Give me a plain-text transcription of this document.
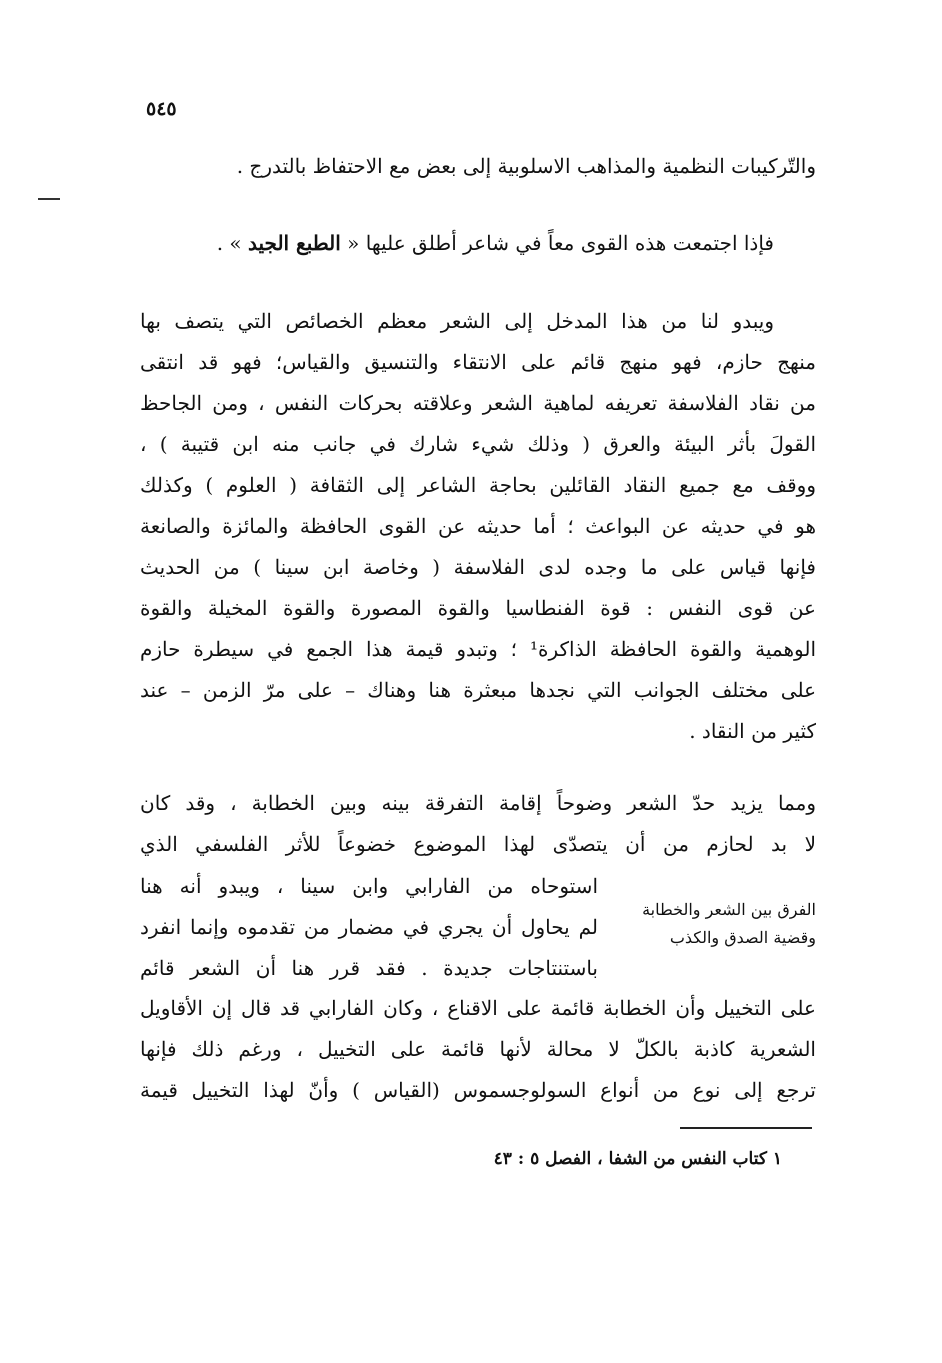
٥٤٥
والتّركيبات النظمية والمذاهب الاسلوبية إلى بعض مع الاحتفاظ بالتدرج .
فإذا اجتمعت هذه القوى معاً في شاعر أطلق عليها « الطبع الجيد » .
ويبدو لنا من هذا المدخل إلى الشعر معظم الخصائص التي يتصف بها
منهج حازم، فهو منهج قائم على الانتقاء والتنسيق والقياس؛ فهو قد انتقى
من نقاد الفلاسفة تعريفه لماهية الشعر وعلاقته بحركات النفس ، ومن الجاحظ
القولَ بأثر البيئة والعرق ( وذلك شيء شارك في جانب منه ابن قتيبة ) ،
ووقف مع جميع النقاد القائلين بحاجة الشاعر إلى الثقافة ( العلوم ) وكذلك
هو في حديثه عن البواعث ؛ أما حديثه عن القوى الحافظة والمائزة والصانعة
فإنها قياس على ما وجده لدى الفلاسفة ( وخاصة ابن سينا ) من الحديث
عن قوى النفس : قوة الفنطاسيا والقوة المصورة والقوة المخيلة والقوة
الوهمية والقوة الحافظة الذاكرة¹ ؛ وتبدو قيمة هذا الجمع في سيطرة حازم
على مختلف الجوانب التي نجدها مبعثرة هنا وهناك – على مرّ الزمن – عند
كثير من النقاد .
ومما يزيد حدّ الشعر وضوحاً إقامة التفرقة بينه وبين الخطابة ، وقد كان
لا بد لحازم من أن يتصدّى لهذا الموضوع خضوعاً للأثر الفلسفي الذي
استوحاه من الفارابي وابن سينا ، ويبدو أنه هنا
لم يحاول أن يجري في مضمار من تقدموه وإنما انفرد
باستنتاجات جديدة . فقد قرر هنا أن الشعر قائم
الفرق بين الشعر والخطابة
وقضية الصدق والكذب
على التخييل وأن الخطابة قائمة على الاقناع ، وكان الفارابي قد قال إن الأقاويل
الشعرية كاذبة بالكلّ لا محالة لأنها قائمة على التخييل ، ورغم ذلك فإنها
ترجع إلى نوع من أنواع السولوجسموس (القياس ) وأنّ لهذا التخييل قيمة
١ كتاب النفس من الشفا ، الفصل ٥ : ٤٣
